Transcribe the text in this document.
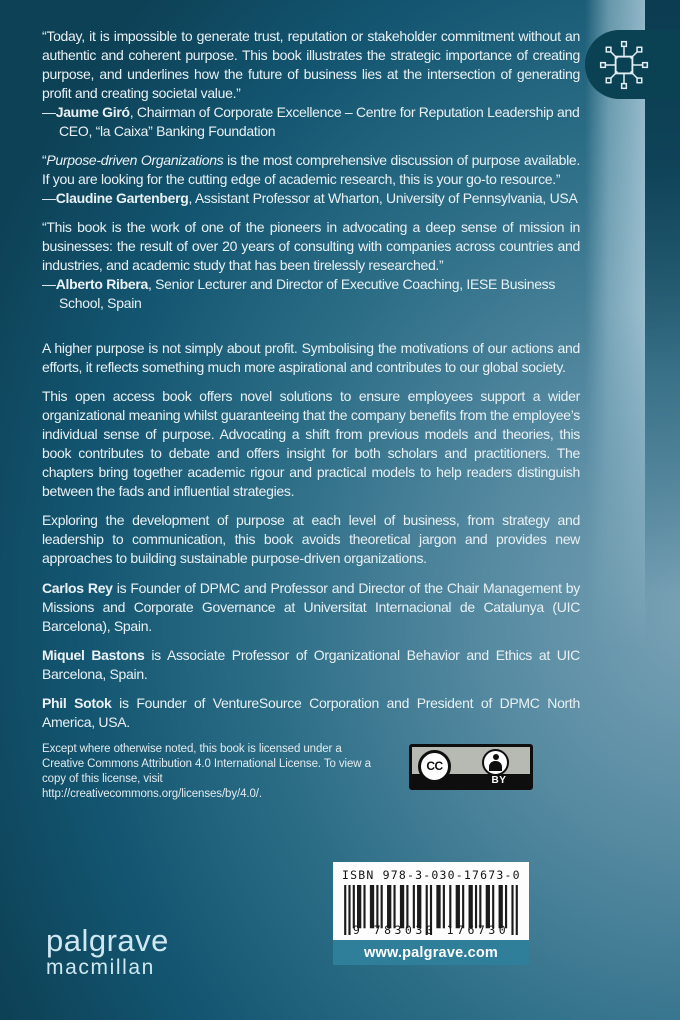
“Today, it is impossible to generate trust, reputation or stakeholder commitment without an authentic and coherent purpose. This book illustrates the strategic importance of creating purpose, and underlines how the future of business lies at the intersection of generating profit and creating societal value.”

—Jaume Giró, Chairman of Corporate Excellence – Centre for Reputation Leadership and CEO, “la Caixa” Banking Foundation

“Purpose-driven Organizations is the most comprehensive discussion of purpose available. If you are looking for the cutting edge of academic research, this is your go-to resource.”

—Claudine Gartenberg, Assistant Professor at Wharton, University of Pennsylvania, USA

“This book is the work of one of the pioneers in advocating a deep sense of mission in businesses: the result of over 20 years of consulting with companies across countries and industries, and academic study that has been tirelessly researched.”

—Alberto Ribera, Senior Lecturer and Director of Executive Coaching, IESE Business School, Spain

A higher purpose is not simply about profit. Symbolising the motivations of our actions and efforts, it reflects something much more aspirational and contributes to our global society.

This open access book offers novel solutions to ensure employees support a wider organizational meaning whilst guaranteeing that the company benefits from the employee’s individual sense of purpose. Advocating a shift from previous models and theories, this book contributes to debate and offers insight for both scholars and practitioners. The chapters bring together academic rigour and practical models to help readers distinguish between the fads and influential strategies.

Exploring the development of purpose at each level of business, from strategy and leadership to communication, this book avoids theoretical jargon and provides new approaches to building sustainable purpose-driven organizations.

Carlos Rey is Founder of DPMC and Professor and Director of the Chair Management by Missions and Corporate Governance at Universitat Internacional de Catalunya (UIC Barcelona), Spain.

Miquel Bastons is Associate Professor of Organizational Behavior and Ethics at UIC Barcelona, Spain.

Phil Sotok is Founder of VentureSource Corporation and President of DPMC North America, USA.

Except where otherwise noted, this book is licensed under a Creative Commons Attribution 4.0 International License. To view a copy of this license, visit http://creativecommons.org/licenses/by/4.0/.
CC
BY
ISBN 978-3-030-17673-0
9 783030 176730
www.palgrave.com
palgrave
macmillan
